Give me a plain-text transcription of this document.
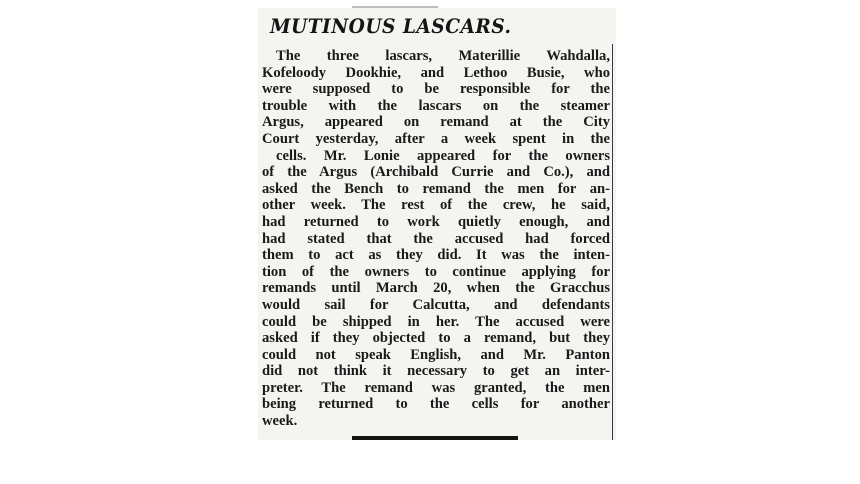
MUTINOUS LASCARS.
The three lascars, Materillie Wahdalla,
Kofeloody Dookhie, and Lethoo Busie, who
were supposed to be responsible for the
trouble with the lascars on the steamer
Argus, appeared on remand at the City
Court yesterday, after a week spent in the
cells. Mr. Lonie appeared for the owners
of the Argus (Archibald Currie and Co.), and
asked the Bench to remand the men for an-
other week. The rest of the crew, he said,
had returned to work quietly enough, and
had stated that the accused had forced
them to act as they did. It was the inten-
tion of the owners to continue applying for
remands until March 20, when the Gracchus
would sail for Calcutta, and defendants
could be shipped in her. The accused were
asked if they objected to a remand, but they
could not speak English, and Mr. Panton
did not think it necessary to get an inter-
preter. The remand was granted, the men
being returned to the cells for another
week.
